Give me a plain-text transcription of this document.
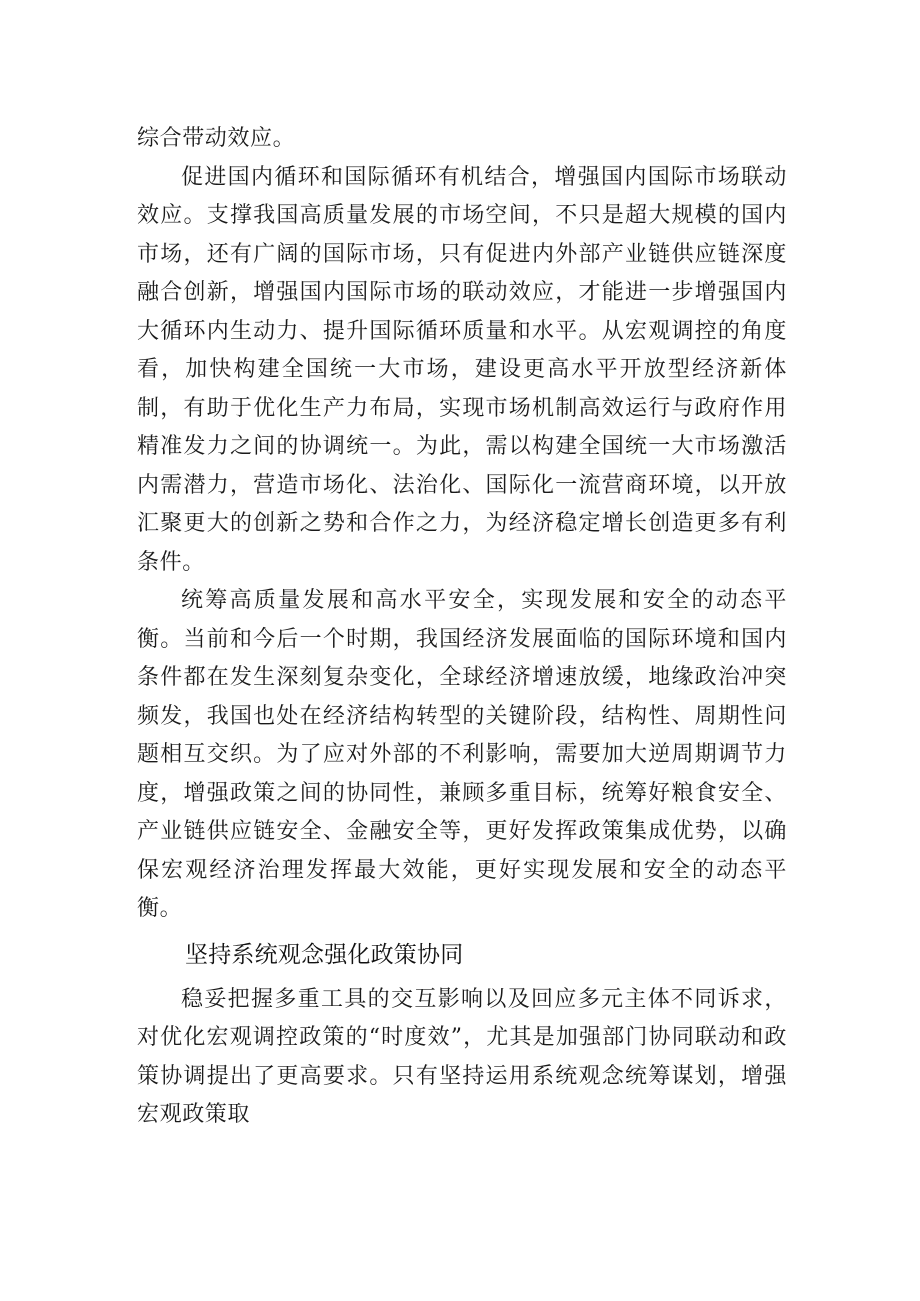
综合带动效应。

促进国内循环和国际循环有机结合，增强国内国际市场联动效应。支撑我国高质量发展的市场空间，不只是超大规模的国内市场，还有广阔的国际市场，只有促进内外部产业链供应链深度融合创新，增强国内国际市场的联动效应，才能进一步增强国内大循环内生动力、提升国际循环质量和水平。从宏观调控的角度看，加快构建全国统一大市场，建设更高水平开放型经济新体制，有助于优化生产力布局，实现市场机制高效运行与政府作用精准发力之间的协调统一。为此，需以构建全国统一大市场激活内需潜力，营造市场化、法治化、国际化一流营商环境，以开放汇聚更大的创新之势和合作之力，为经济稳定增长创造更多有利条件。

统筹高质量发展和高水平安全，实现发展和安全的动态平衡。当前和今后一个时期，我国经济发展面临的国际环境和国内条件都在发生深刻复杂变化，全球经济增速放缓，地缘政治冲突频发，我国也处在经济结构转型的关键阶段，结构性、周期性问题相互交织。为了应对外部的不利影响，需要加大逆周期调节力度，增强政策之间的协同性，兼顾多重目标，统筹好粮食安全、产业链供应链安全、金融安全等，更好发挥政策集成优势，以确保宏观经济治理发挥最大效能，更好实现发展和安全的动态平衡。

坚持系统观念强化政策协同

稳妥把握多重工具的交互影响以及回应多元主体不同诉求，对优化宏观调控政策的“时度效”，尤其是加强部门协同联动和政策协调提出了更高要求。只有坚持运用系统观念统筹谋划，增强宏观政策取
